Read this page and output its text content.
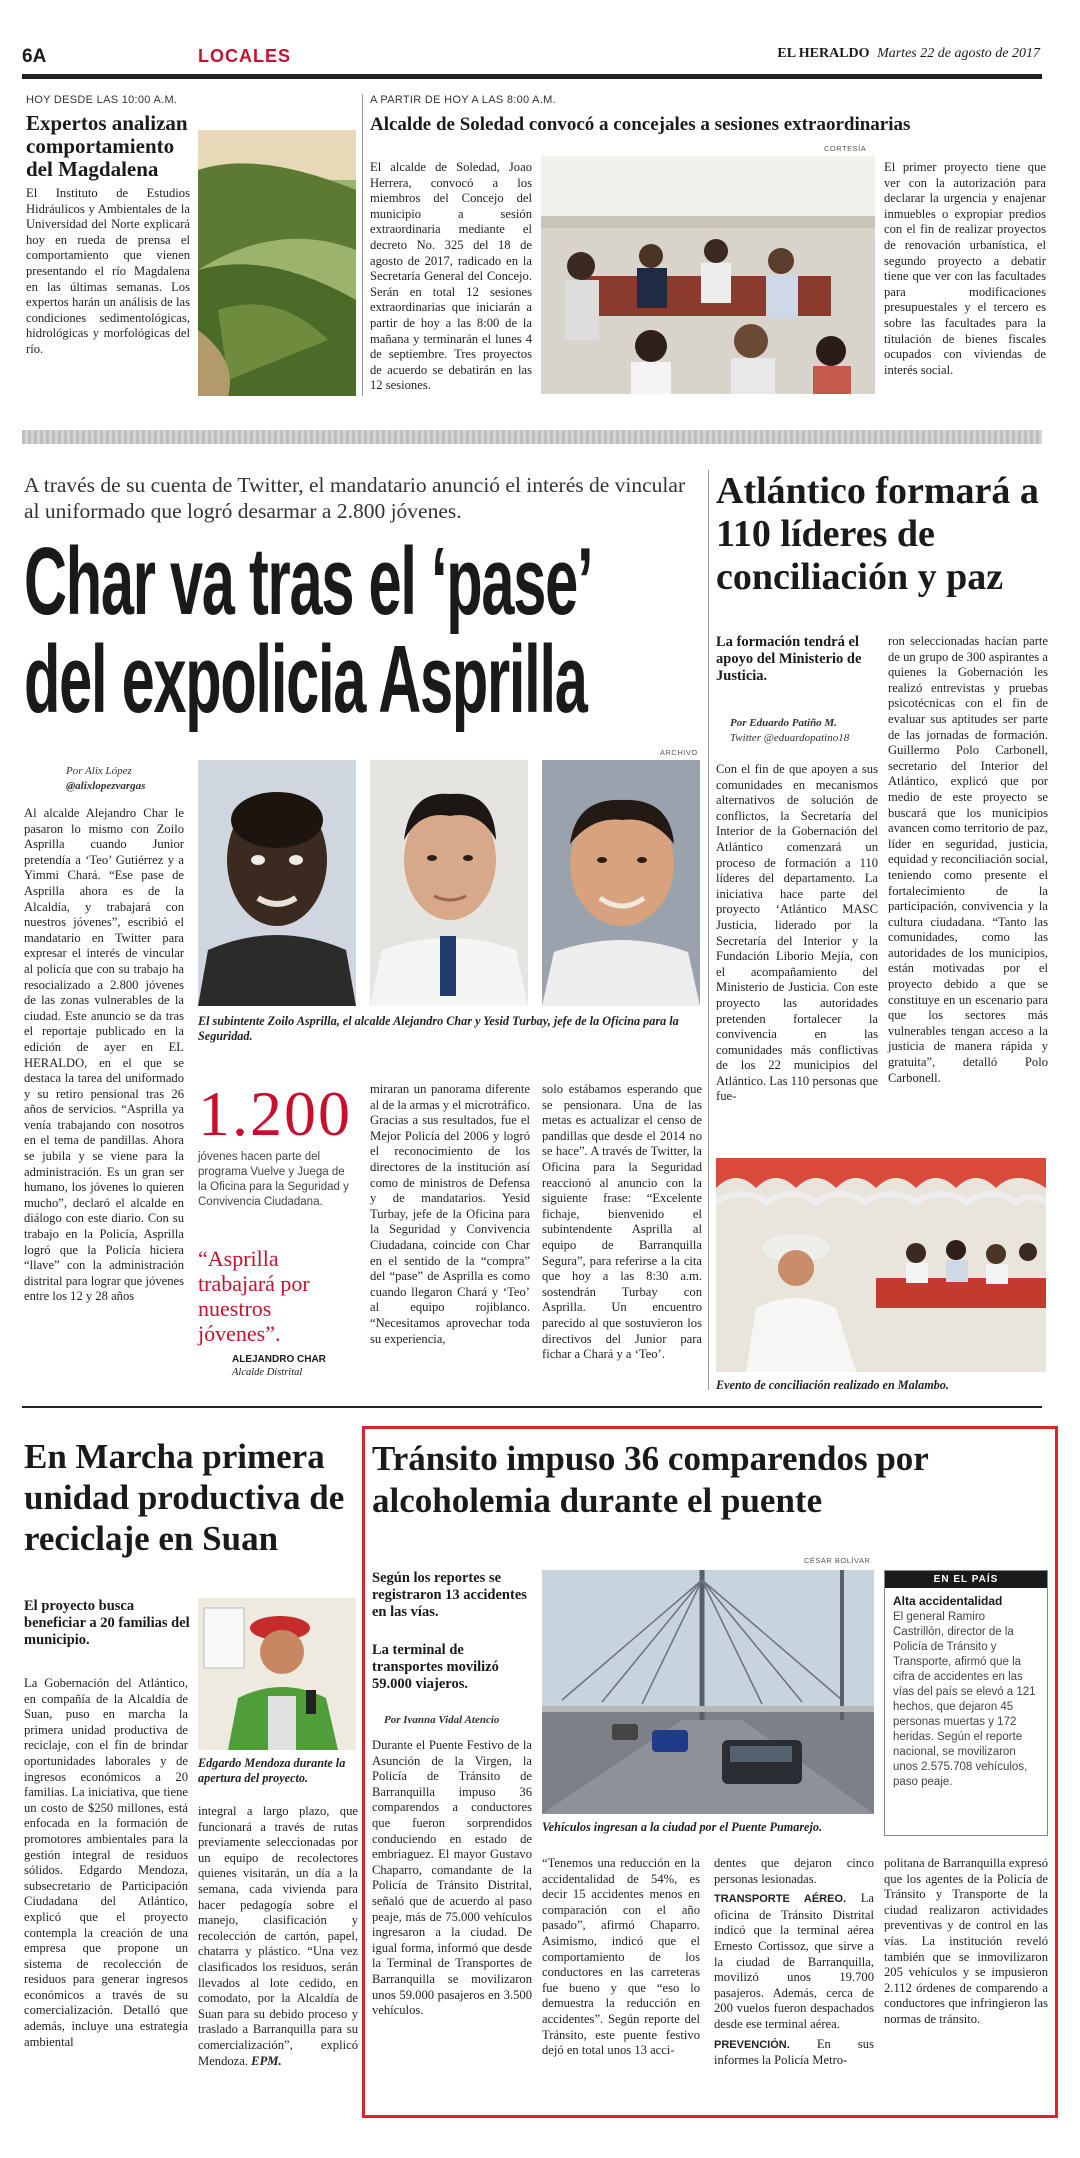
6A	LOCALES	EL HERALDO Martes 22 de agosto de 2017
HOY DESDE LAS 10:00 A.M.
Expertos analizan comportamiento del Magdalena
El Instituto de Estudios Hidráulicos y Ambientales de la Universidad del Norte explicará hoy en rueda de prensa el comportamiento que vienen presentando el río Magdalena en las últimas semanas. Los expertos harán un análisis de las condiciones sedimentológicas, hidrológicas y morfológicas del río.
A PARTIR DE HOY A LAS 8:00 A.M.
Alcalde de Soledad convocó a concejales a sesiones extraordinarias
CORTESÍA
El alcalde de Soledad, Joao Herrera, convocó a los miembros del Concejo del municipio a sesión extraordinaria mediante el decreto No. 325 del 18 de agosto de 2017, radicado en la Secretaría General del Concejo. Serán en total 12 sesiones extraordinarias que iniciarán a partir de hoy a las 8:00 de la mañana y terminarán el lunes 4 de septiembre. Tres proyectos de acuerdo se debatirán en las 12 sesiones.
El primer proyecto tiene que ver con la autorización para declarar la urgencia y enajenar inmuebles o expropiar predios con el fin de realizar proyectos de renovación urbanística, el segundo proyecto a debatir tiene que ver con las facultades para modificaciones presupuestales y el tercero es sobre las facultades para la titulación de bienes fiscales ocupados con viviendas de interés social.
A través de su cuenta de Twitter, el mandatario anunció el interés de vincular al uniformado que logró desarmar a 2.800 jóvenes.
Char va tras el ‘pase’
del expolicia Asprilla
ARCHIVO
Por Alix López
@alixlopezvargas
Al alcalde Alejandro Char le pasaron lo mismo con Zoilo Asprilla cuando Junior pretendía a ‘Teo’ Gutiérrez y a Yimmi Chará. “Ese pase de Asprilla ahora es de la Alcaldía, y trabajará con nuestros jóvenes”, escribió el mandatario en Twitter para expresar el interés de vincular al policía que con su trabajo ha resocializado a 2.800 jóvenes de las zonas vulnerables de la ciudad. Este anuncio se da tras el reportaje publicado en la edición de ayer en EL HERALDO, en el que se destaca la tarea del uniformado y su retiro pensional tras 26 años de servicios. “Asprilla ya venía trabajando con nosotros en el tema de pandillas. Ahora se jubila y se viene para la administración. Es un gran ser humano, los jóvenes lo quieren mucho”, declaró el alcalde en diálogo con este diario. Con su trabajo en la Policía, Asprilla logró que la Policía hiciera “llave” con la administración distrital para lograr que jóvenes entre los 12 y 28 años
El subintente Zoilo Asprilla, el alcalde Alejandro Char y Yesid Turbay, jefe de la Oficina para la Seguridad.
1.200
jóvenes hacen parte del programa Vuelve y Juega de la Oficina para la Seguridad y Convivencia Ciudadana.
“Asprilla trabajará por nuestros jóvenes”.
ALEJANDRO CHAR
Alcalde Distrital
miraran un panorama diferente al de la armas y el microtráfico. Gracias a sus resultados, fue el Mejor Policía del 2006 y logró el reconocimiento de los directores de la institución así como de ministros de Defensa y de mandatarios. Yesid Turbay, jefe de la Oficina para la Seguridad y Convivencia Ciudadana, coincide con Char en el sentido de la “compra” del “pase” de Asprilla es como cuando llegaron Chará y ‘Teo’ al equipo rojiblanco. “Necesitamos aprovechar toda su experiencia,
solo estábamos esperando que se pensionara. Una de las metas es actualizar el censo de pandillas que desde el 2014 no se hace”. A través de Twitter, la Oficina para la Seguridad reaccionó al anuncio con la siguiente frase: “Excelente fichaje, bienvenido el subintendente Asprilla al equipo de Barranquilla Segura”, para referirse a la cita que hoy a las 8:30 a.m. sostendrán Turbay con Asprilla. Un encuentro parecido al que sostuvieron los directivos del Junior para fichar a Chará y a ‘Teo’.
Atlántico formará a 110 líderes de conciliación y paz
La formación tendrá el apoyo del Ministerio de Justicia.
Por Eduardo Patiño M.
Twitter @eduardopatino18
Con el fin de que apoyen a sus comunidades en mecanismos alternativos de solución de conflictos, la Secretaría del Interior de la Gobernación del Atlántico comenzará un proceso de formación a 110 líderes del departamento. La iniciativa hace parte del proyecto ‘Atlántico MASC Justicia, liderado por la Secretaría del Interior y la Fundación Liborio Mejía, con el acompañamiento del Ministerio de Justicia. Con este proyecto las autoridades pretenden fortalecer la convivencia en las comunidades más conflictivas de los 22 municipios del Atlántico. Las 110 personas que fue-
ron seleccionadas hacían parte de un grupo de 300 aspirantes a quienes la Gobernación les realizó entrevistas y pruebas psicotécnicas con el fin de evaluar sus aptitudes ser parte de las jornadas de formación. Guillermo Polo Carbonell, secretario del Interior del Atlántico, explicó que por medio de este proyecto se buscará que los municipios avancen como territorio de paz, líder en seguridad, justicia, equidad y reconciliación social, teniendo como presente el fortalecimiento de la participación, convivencia y la cultura ciudadana. “Tanto las comunidades, como las autoridades de los municipios, están motivadas por el proyecto debido a que se constituye en un escenario para que los sectores más vulnerables tengan acceso a la justicia de manera rápida y gratuita”, detalló Polo Carbonell.
Evento de conciliación realizado en Malambo.
En Marcha primera unidad productiva de reciclaje en Suan
El proyecto busca beneficiar a 20 familias del municipio.
Edgardo Mendoza durante la apertura del proyecto.
La Gobernación del Atlántico, en compañía de la Alcaldía de Suan, puso en marcha la primera unidad productiva de reciclaje, con el fin de brindar oportunidades laborales y de ingresos económicos a 20 familias. La iniciativa, que tiene un costo de $250 millones, está enfocada en la formación de promotores ambientales para la gestión integral de residuos sólidos. Edgardo Mendoza, subsecretario de Participación Ciudadana del Atlántico, explicó que el proyecto contempla la creación de una empresa que propone un sistema de recolección de residuos para generar ingresos económicos a través de su comercialización. Detalló que además, incluye una estrategia ambiental
integral a largo plazo, que funcionará a través de rutas previamente seleccionadas por un equipo de recolectores quienes visitarán, un día a la semana, cada vivienda para hacer pedagogía sobre el manejo, clasificación y recolección de cartón, papel, chatarra y plástico. “Una vez clasificados los residuos, serán llevados al lote cedido, en comodato, por la Alcaldía de Suan para su debido proceso y traslado a Barranquilla para su comercialización”, explicó Mendoza. EPM.
Tránsito impuso 36 comparendos por alcoholemia durante el puente
CÉSAR BOLÍVAR
Según los reportes se registraron 13 accidentes en las vías.
La terminal de transportes movilizó 59.000 viajeros.
Por Ivanna Vidal Atencio
Durante el Puente Festivo de la Asunción de la Virgen, la Policía de Tránsito de Barranquilla impuso 36 comparendos a conductores que fueron sorprendidos conduciendo en estado de embriaguez. El mayor Gustavo Chaparro, comandante de la Policía de Tránsito Distrital, señaló que de acuerdo al paso peaje, más de 75.000 vehículos ingresaron a la ciudad. De igual forma, informó que desde la Terminal de Transportes de Barranquilla se movilizaron unos 59.000 pasajeros en 3.500 vehículos.
Vehículos ingresan a la ciudad por el Puente Pumarejo.
EN EL PAÍS
Alta accidentalidad
El general Ramiro Castrillón, director de la Policía de Tránsito y Transporte, afirmó que la cifra de accidentes en las vías del país se elevó a 121 hechos, que dejaron 45 personas muertas y 172 heridas. Según el reporte nacional, se movilizaron unos 2.575.708 vehículos, paso peaje.
“Tenemos una reducción en la accidentalidad de 54%, es decir 15 accidentes menos en comparación con el año pasado”, afirmó Chaparro. Asimismo, indicó que el comportamiento de los conductores en las carreteras fue bueno y que “eso lo demuestra la reducción en accidentes”. Según reporte del Tránsito, este puente festivo dejó en total unos 13 acci-
dentes que dejaron cinco personas lesionadas.

TRANSPORTE AÉREO. La oficina de Tránsito Distrital indicó que la terminal aérea Ernesto Cortissoz, que sirve a la ciudad de Barranquilla, movilizó unos 19.700 pasajeros. Además, cerca de 200 vuelos fueron despachados desde ese terminal aérea.

PREVENCIÓN. En sus informes la Policía Metro-

politana de Barranquilla expresó que los agentes de la Policía de Tránsito y Transporte de la ciudad realizaron actividades preventivas y de control en las vías. La institución reveló también que se inmovilizaron 205 vehículos y se impusieron 2.112 órdenes de comparendo a conductores que infringieron las normas de tránsito.
